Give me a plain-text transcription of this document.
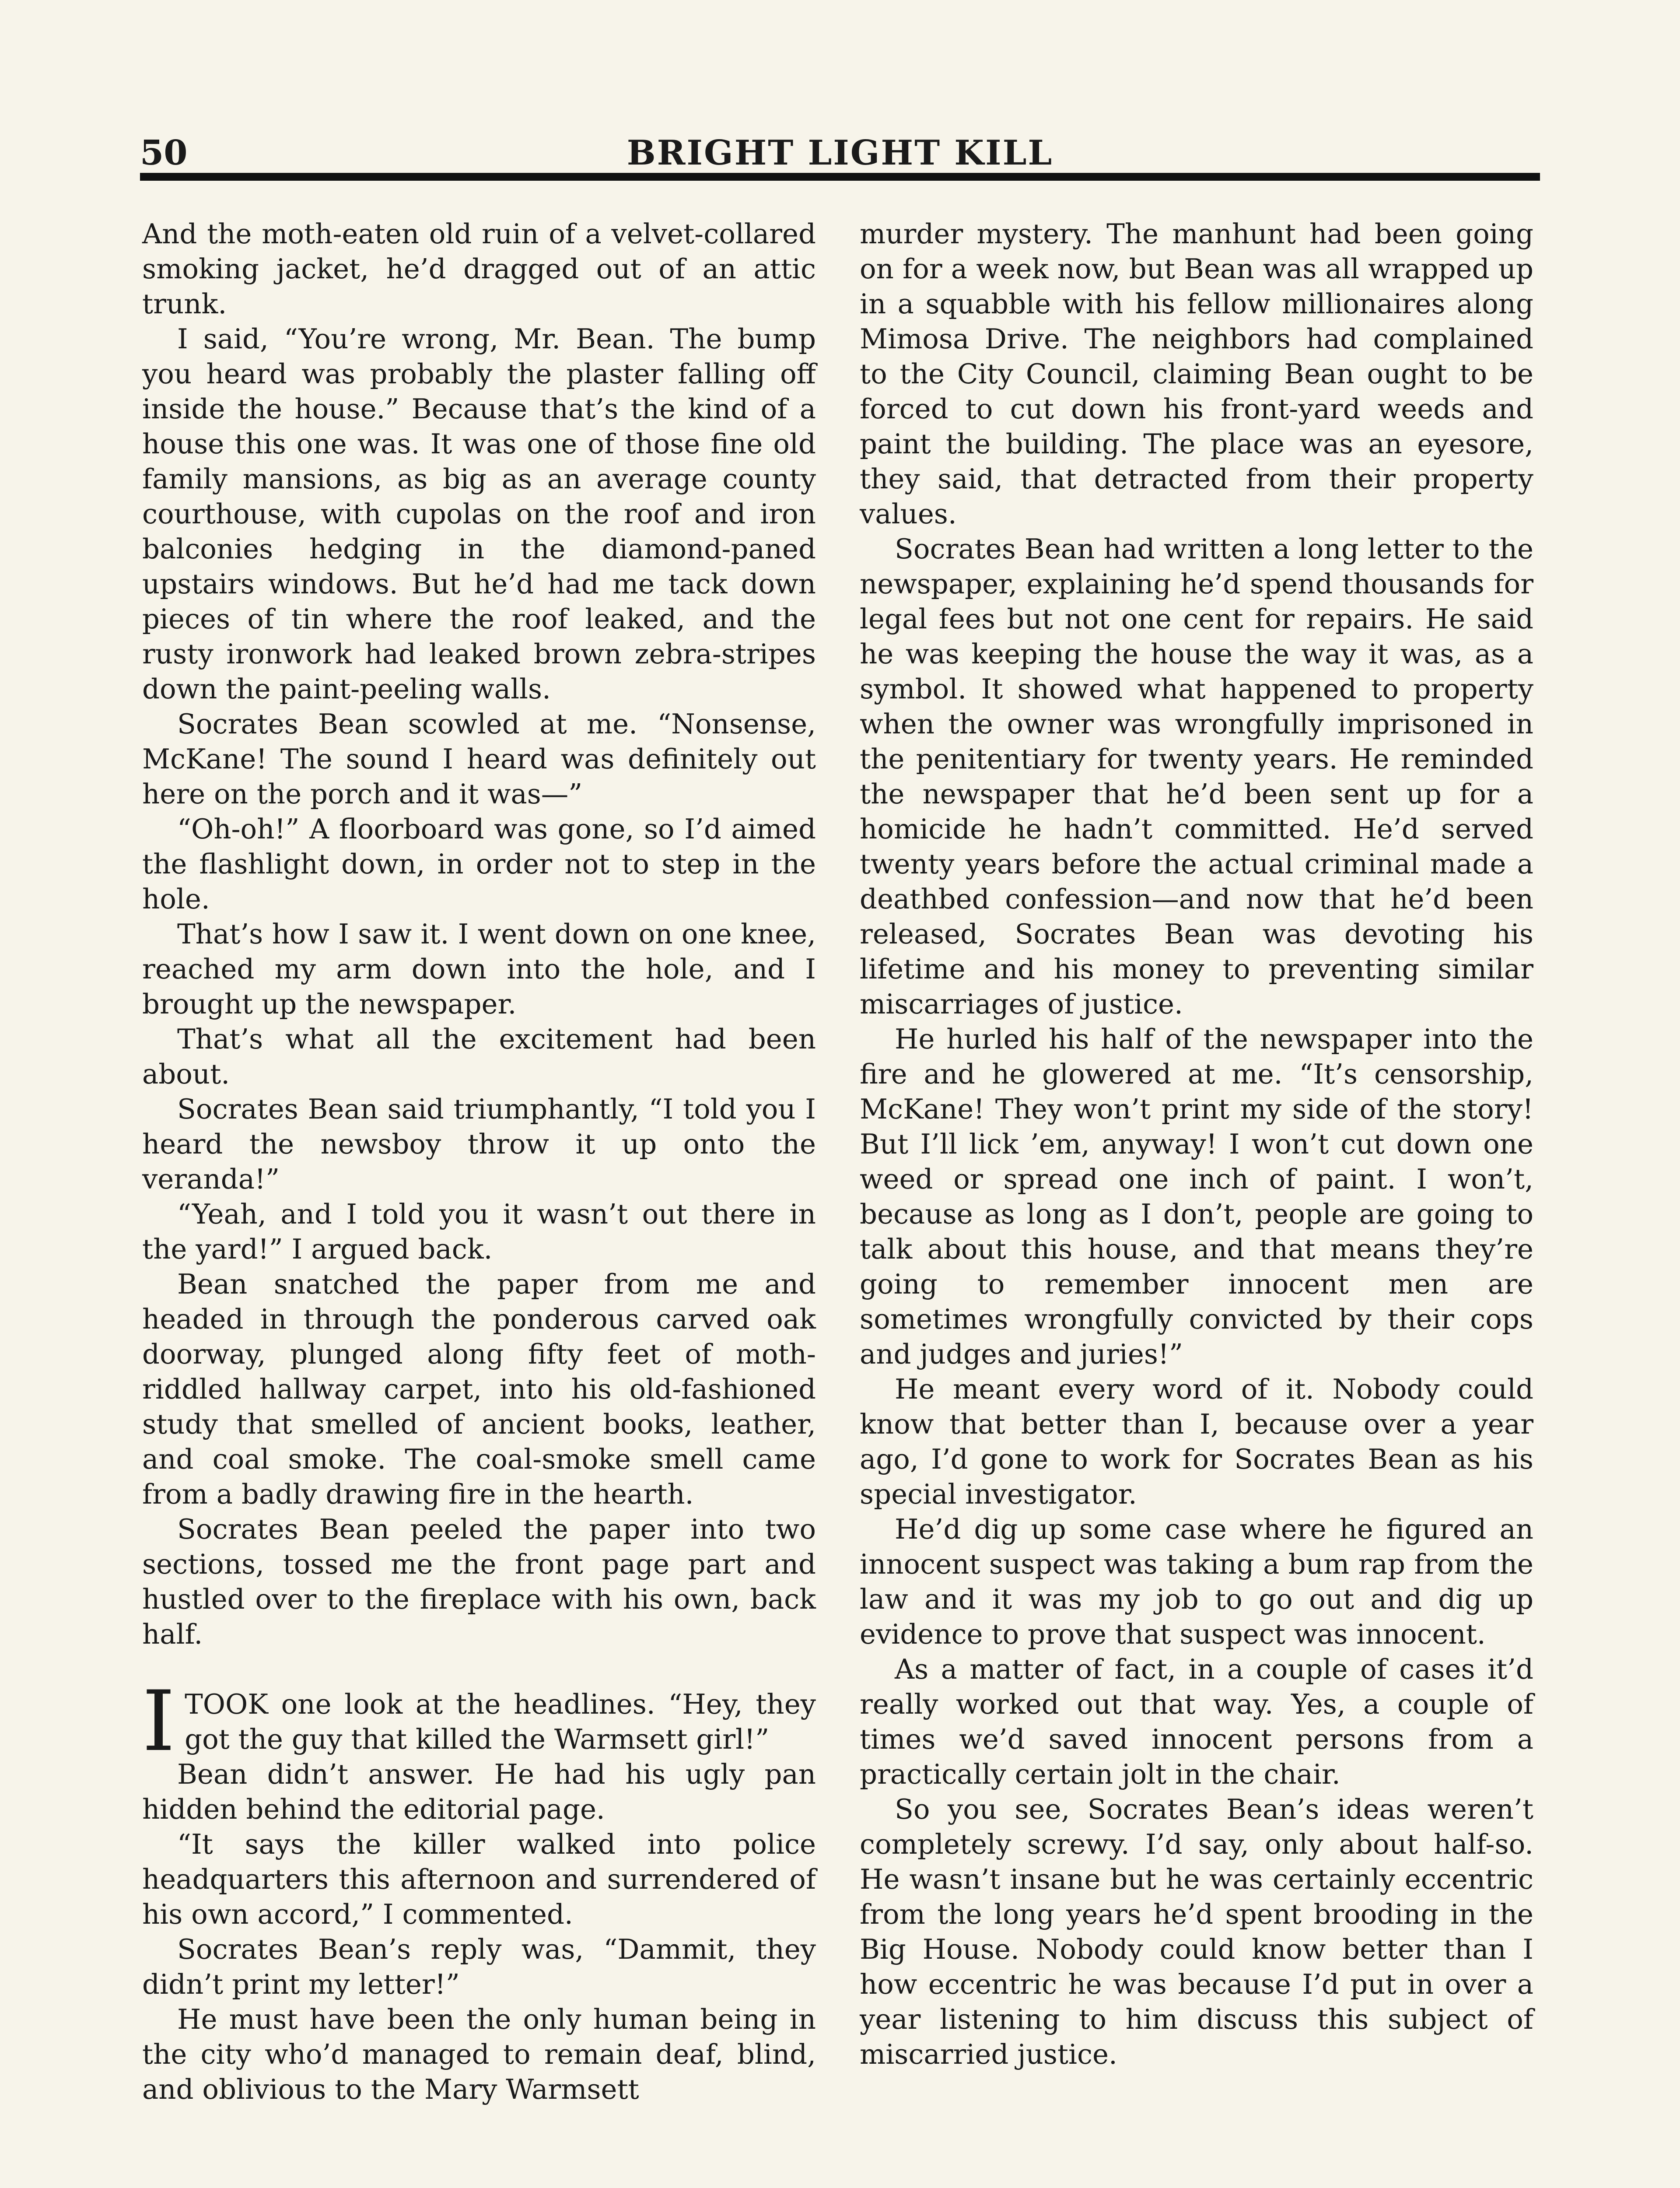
50	BRIGHT LIGHT KILL

And the moth-eaten old ruin of a velvet-collared smoking jacket, he’d dragged out of an attic trunk.

I said, “You’re wrong, Mr. Bean. The bump you heard was probably the plaster falling off inside the house.” Because that’s the kind of a house this one was. It was one of those fine old family mansions, as big as an average county courthouse, with cupolas on the roof and iron balconies hedging in the diamond-paned upstairs windows. But he’d had me tack down pieces of tin where the roof leaked, and the rusty ironwork had leaked brown zebra-stripes down the paint-peeling walls.

Socrates Bean scowled at me. “Nonsense, McKane! The sound I heard was definitely out here on the porch and it was—”

“Oh-oh!” A floorboard was gone, so I’d aimed the flashlight down, in order not to step in the hole.

That’s how I saw it. I went down on one knee, reached my arm down into the hole, and I brought up the newspaper.

That’s what all the excitement had been about.

Socrates Bean said triumphantly, “I told you I heard the newsboy throw it up onto the veranda!”

“Yeah, and I told you it wasn’t out there in the yard!” I argued back.

Bean snatched the paper from me and headed in through the ponderous carved oak doorway, plunged along fifty feet of moth-riddled hallway carpet, into his old-fashioned study that smelled of ancient books, leather, and coal smoke. The coal-smoke smell came from a badly drawing fire in the hearth.

Socrates Bean peeled the paper into two sections, tossed me the front page part and hustled over to the fireplace with his own, back half.

ITOOK one look at the headlines. “Hey, they got the guy that killed the Warmsett girl!”

Bean didn’t answer. He had his ugly pan hidden behind the editorial page.

“It says the killer walked into police headquarters this afternoon and surrendered of his own accord,” I commented.

Socrates Bean’s reply was, “Dammit, they didn’t print my letter!”

He must have been the only human being in the city who’d managed to remain deaf, blind, and oblivious to the Mary Warmsett

murder mystery. The manhunt had been going on for a week now, but Bean was all wrapped up in a squabble with his fellow millionaires along Mimosa Drive. The neighbors had complained to the City Council, claiming Bean ought to be forced to cut down his front-yard weeds and paint the building. The place was an eyesore, they said, that detracted from their property values.

Socrates Bean had written a long letter to the newspaper, explaining he’d spend thousands for legal fees but not one cent for repairs. He said he was keeping the house the way it was, as a symbol. It showed what happened to property when the owner was wrongfully imprisoned in the penitentiary for twenty years. He reminded the newspaper that he’d been sent up for a homicide he hadn’t committed. He’d served twenty years before the actual criminal made a deathbed confession—and now that he’d been released, Socrates Bean was devoting his lifetime and his money to preventing similar miscarriages of justice.

He hurled his half of the newspaper into the fire and he glowered at me. “It’s censorship, McKane! They won’t print my side of the story! But I’ll lick ’em, anyway! I won’t cut down one weed or spread one inch of paint. I won’t, because as long as I don’t, people are going to talk about this house, and that means they’re going to remember innocent men are sometimes wrongfully convicted by their cops and judges and juries!”

He meant every word of it. Nobody could know that better than I, because over a year ago, I’d gone to work for Socrates Bean as his special investigator.

He’d dig up some case where he figured an innocent suspect was taking a bum rap from the law and it was my job to go out and dig up evidence to prove that suspect was innocent.

As a matter of fact, in a couple of cases it’d really worked out that way. Yes, a couple of times we’d saved innocent persons from a practically certain jolt in the chair.

So you see, Socrates Bean’s ideas weren’t completely screwy. I’d say, only about half-so. He wasn’t insane but he was certainly eccentric from the long years he’d spent brooding in the Big House. Nobody could know better than I how eccentric he was because I’d put in over a year listening to him discuss this subject of miscarried justice.
